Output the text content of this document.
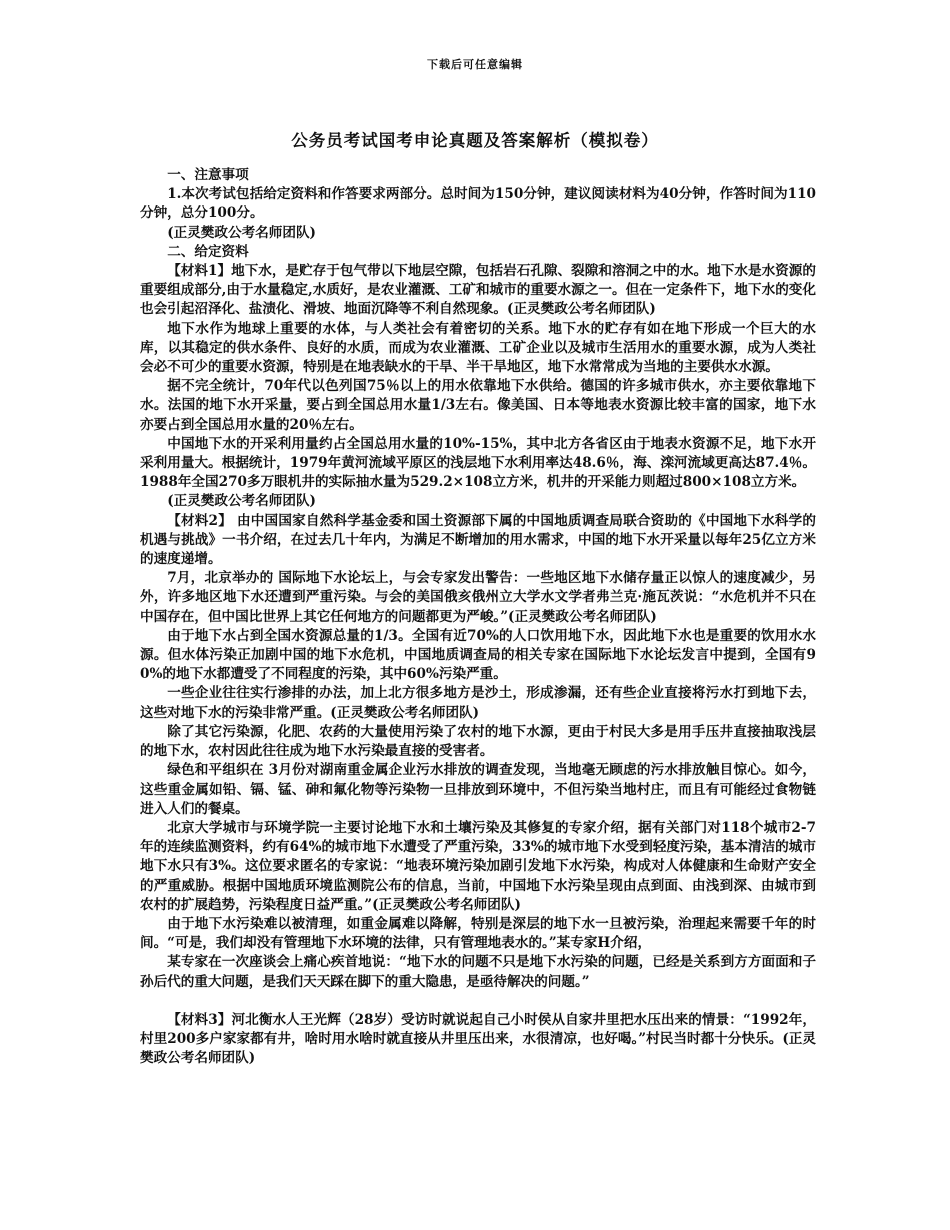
下载后可任意编辑
公务员考试国考申论真题及答案解析（模拟卷）

一、注意事项

1.本次考试包括给定资料和作答要求两部分。总时间为150分钟，建议阅读材料为40分钟，作答时间为110分钟，总分100分。

(正灵樊政公考名师团队)

二、给定资料

【材料1】地下水，是贮存于包气带以下地层空隙，包括岩石孔隙、裂隙和溶洞之中的水。地下水是水资源的重要组成部分,由于水量稳定,水质好，是农业灌溉、工矿和城市的重要水源之一。但在一定条件下，地下水的变化也会引起沼泽化、盐渍化、滑坡、地面沉降等不利自然现象。(正灵樊政公考名师团队)

地下水作为地球上重要的水体，与人类社会有着密切的关系。地下水的贮存有如在地下形成一个巨大的水库，以其稳定的供水条件、良好的水质，而成为农业灌溉、工矿企业以及城市生活用水的重要水源，成为人类社会必不可少的重要水资源，特别是在地表缺水的干旱、半干旱地区，地下水常常成为当地的主要供水水源。

据不完全统计，70年代以色列国75％以上的用水依靠地下水供给。德国的许多城市供水，亦主要依靠地下水。法国的地下水开采量，要占到全国总用水量1/3左右。像美国、日本等地表水资源比较丰富的国家，地下水亦要占到全国总用水量的20％左右。

中国地下水的开采利用量约占全国总用水量的10%-15%，其中北方各省区由于地表水资源不足，地下水开采利用量大。根据统计，1979年黄河流域平原区的浅层地下水利用率达48.6％，海、滦河流域更高达87.4％。1988年全国270多万眼机井的实际抽水量为529.2×108立方米，机井的开采能力则超过800×108立方米。

(正灵樊政公考名师团队)

【材料2】 由中国国家自然科学基金委和国土资源部下属的中国地质调查局联合资助的《中国地下水科学的机遇与挑战》一书介绍，在过去几十年内，为满足不断增加的用水需求，中国的地下水开采量以每年25亿立方米的速度递增。

7月，北京举办的 国际地下水论坛上，与会专家发出警告：一些地区地下水储存量正以惊人的速度减少，另外，许多地区地下水还遭到严重污染。与会的美国俄亥俄州立大学水文学者弗兰克·施瓦茨说：“水危机并不只在中国存在，但中国比世界上其它任何地方的问题都更为严峻。”(正灵樊政公考名师团队)

由于地下水占到全国水资源总量的1/3。全国有近70%的人口饮用地下水，因此地下水也是重要的饮用水水源。但水体污染正加剧中国的地下水危机，中国地质调查局的相关专家在国际地下水论坛发言中提到，全国有90%的地下水都遭受了不同程度的污染，其中60%污染严重。

一些企业往往实行渗排的办法，加上北方很多地方是沙土，形成渗漏，还有些企业直接将污水打到地下去，这些对地下水的污染非常严重。(正灵樊政公考名师团队)

除了其它污染源，化肥、农药的大量使用污染了农村的地下水源，更由于村民大多是用手压井直接抽取浅层的地下水，农村因此往往成为地下水污染最直接的受害者。

绿色和平组织在 3月份对湖南重金属企业污水排放的调查发现，当地毫无顾虑的污水排放触目惊心。如今，这些重金属如铅、镉、锰、砷和氟化物等污染物一旦排放到环境中，不但污染当地村庄，而且有可能经过食物链进入人们的餐桌。

北京大学城市与环境学院一主要讨论地下水和土壤污染及其修复的专家介绍，据有关部门对118个城市2-7年的连续监测资料，约有64%的城市地下水遭受了严重污染，33%的城市地下水受到轻度污染，基本清洁的城市地下水只有3%。这位要求匿名的专家说：“地表环境污染加剧引发地下水污染，构成对人体健康和生命财产安全的严重威胁。根据中国地质环境监测院公布的信息，当前，中国地下水污染呈现由点到面、由浅到深、由城市到农村的扩展趋势，污染程度日益严重。”(正灵樊政公考名师团队)

由于地下水污染难以被清理，如重金属难以降解，特别是深层的地下水一旦被污染，治理起来需要千年的时间。“可是，我们却没有管理地下水环境的法律，只有管理地表水的。”某专家H介绍，

某专家在一次座谈会上痛心疾首地说：“地下水的问题不只是地下水污染的问题，已经是关系到方方面面和子孙后代的重大问题，是我们天天踩在脚下的重大隐患，是亟待解决的问题。”

【材料3】河北衡水人王光辉（28岁）受访时就说起自己小时侯从自家井里把水压出来的情景：“1992年，村里200多户家家都有井，啥时用水啥时就直接从井里压出来，水很清凉，也好喝。”村民当时都十分快乐。(正灵樊政公考名师团队)
